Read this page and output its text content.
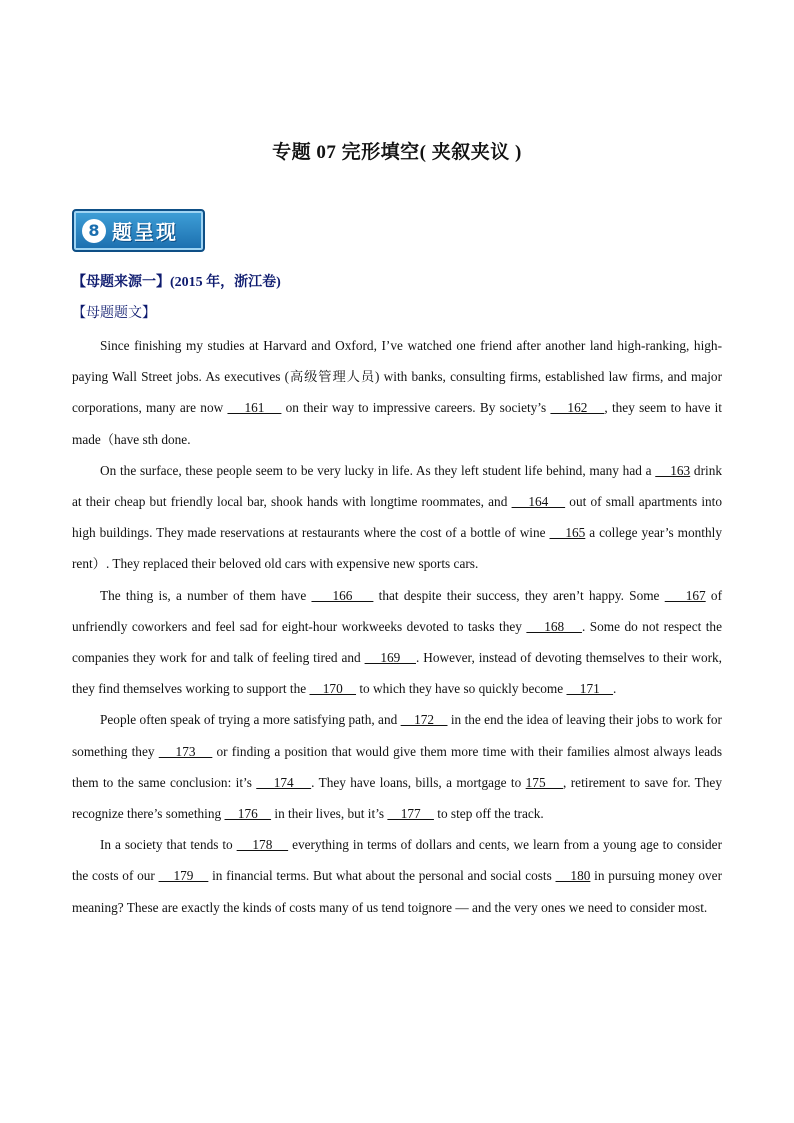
专题 07 完形填空( 夹叙夹议 )
8 题呈现
【母题来源一】(2015 年，浙江卷)
【母题题文】

Since finishing my studies at Harvard and Oxford, I’ve watched one friend after another land high-ranking, high-paying Wall Street jobs. As executives (高级管理人员) with banks, consulting firms, established law firms, and major corporations, many are now     161     on their way to impressive careers. By society’s     162    , they seem to have it made（have sth done.

On the surface, these people seem to be very lucky in life. As they left student life behind, many had a     163 drink at their cheap but friendly local bar, shook hands with longtime roommates, and     164     out of small apartments into high buildings. They made reservations at restaurants where the cost of a bottle of wine     165 a college year’s monthly rent）. They replaced their beloved old cars with expensive new sports cars.

The thing is, a number of them have     166     that despite their success, they aren’t happy. Some     167 of unfriendly coworkers and feel sad for eight-hour workweeks devoted to tasks they     168    . Some do not respect the companies they work for and talk of feeling tired and     169    . However, instead of devoting themselves to their work, they find themselves working to support the     170     to which they have so quickly become     171    .

People often speak of trying a more satisfying path, and     172     in the end the idea of leaving their jobs to work for something they     173     or finding a position that would give them more time with their families almost always leads them to the same conclusion: it’s     174    . They have loans, bills, a mortgage to 175    , retirement to save for. They recognize there’s something     176     in their lives, but it’s     177     to step off the track.

In a society that tends to     178     everything in terms of dollars and cents, we learn from a young age to consider the costs of our     179     in financial terms. But what about the personal and social costs     180 in pursuing money over meaning? These are exactly the kinds of costs many of us tend toignore — and the very ones we need to consider most.
